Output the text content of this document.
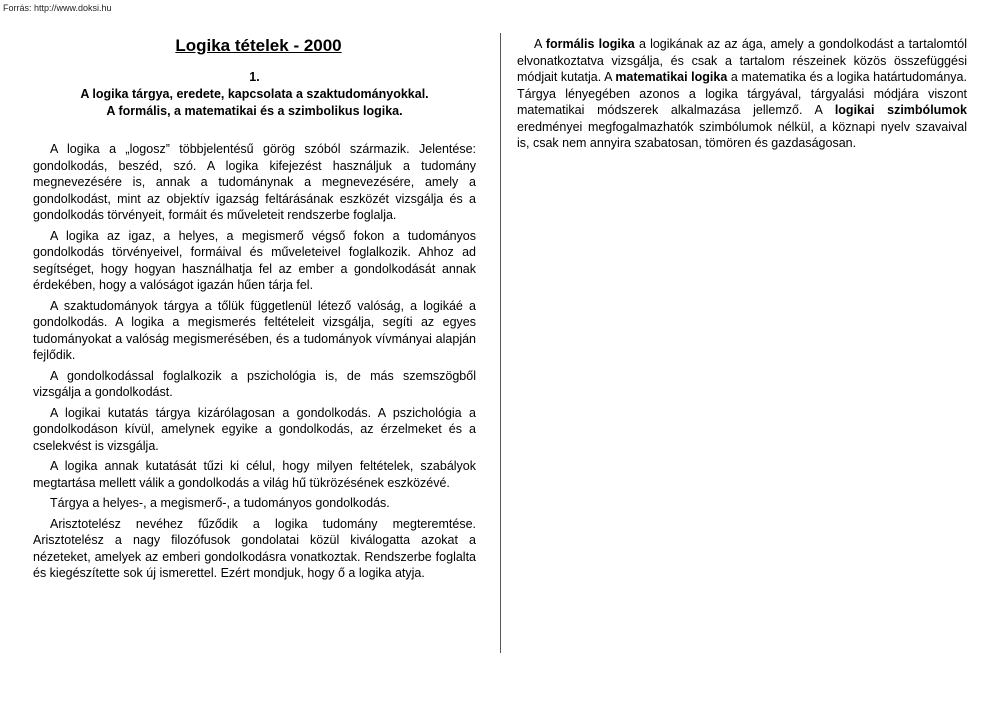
Forrás: http://www.doksi.hu
Logika tételek - 2000
1.
A logika tárgya, eredete, kapcsolata a szaktudományokkal.
A formális, a matematikai és a szimbolikus logika.

A logika a „logosz” többjelentésű görög szóból származik. Jelentése: gondolkodás, beszéd, szó. A logika kifejezést használjuk a tudomány megnevezésére is, annak a tudománynak a megnevezésére, amely a gondolkodást, mint az objektív igazság feltárásának eszközét vizsgálja és a gondolkodás törvényeit, formáit és műveleteit rendszerbe foglalja.

A logika az igaz, a helyes, a megismerő végső fokon a tudományos gondolkodás törvényeivel, formáival és műveleteivel foglalkozik. Ahhoz ad segítséget, hogy hogyan használhatja fel az ember a gondolkodását annak érdekében, hogy a valóságot igazán hűen tárja fel.

A szaktudományok tárgya a tőlük függetlenül létező valóság, a logikáé a gondolkodás. A logika a megismerés feltételeit vizsgálja, segíti az egyes tudományokat a valóság megismerésében, és a tudományok vívmányai alapján fejlődik.

A gondolkodással foglalkozik a pszichológia is, de más szemszögből vizsgálja a gondolkodást.

A logikai kutatás tárgya kizárólagosan a gondolkodás. A pszichológia a gondolkodáson kívül, amelynek egyike a gondolkodás, az érzelmeket és a cselekvést is vizsgálja.

A logika annak kutatását tűzi ki célul, hogy milyen feltételek, szabályok megtartása mellett válik a gondolkodás a világ hű tükrözésének eszközévé.

Tárgya a helyes-, a megismerő-, a tudományos gondolkodás.

Arisztotelész nevéhez fűződik a logika tudomány megteremtése. Arisztotelész a nagy filozófusok gondolatai közül kiválogatta azokat a nézeteket, amelyek az emberi gondolkodásra vonatkoztak. Rendszerbe foglalta és kiegészítette sok új ismerettel. Ezért mondjuk, hogy ő a logika atyja.

A formális logika a logikának az az ága, amely a gondolkodást a tartalomtól elvonatkoztatva vizsgálja, és csak a tartalom részeinek közös összefüggési módjait kutatja. A matematikai logika a matematika és a logika határtudománya. Tárgya lényegében azonos a logika tárgyával, tárgyalási módjára viszont matematikai módszerek alkalmazása jellemző. A logikai szimbólumok eredményei megfogalmazhatók szimbólumok nélkül, a köznapi nyelv szavaival is, csak nem annyira szabatosan, tömören és gazdaságosan.
